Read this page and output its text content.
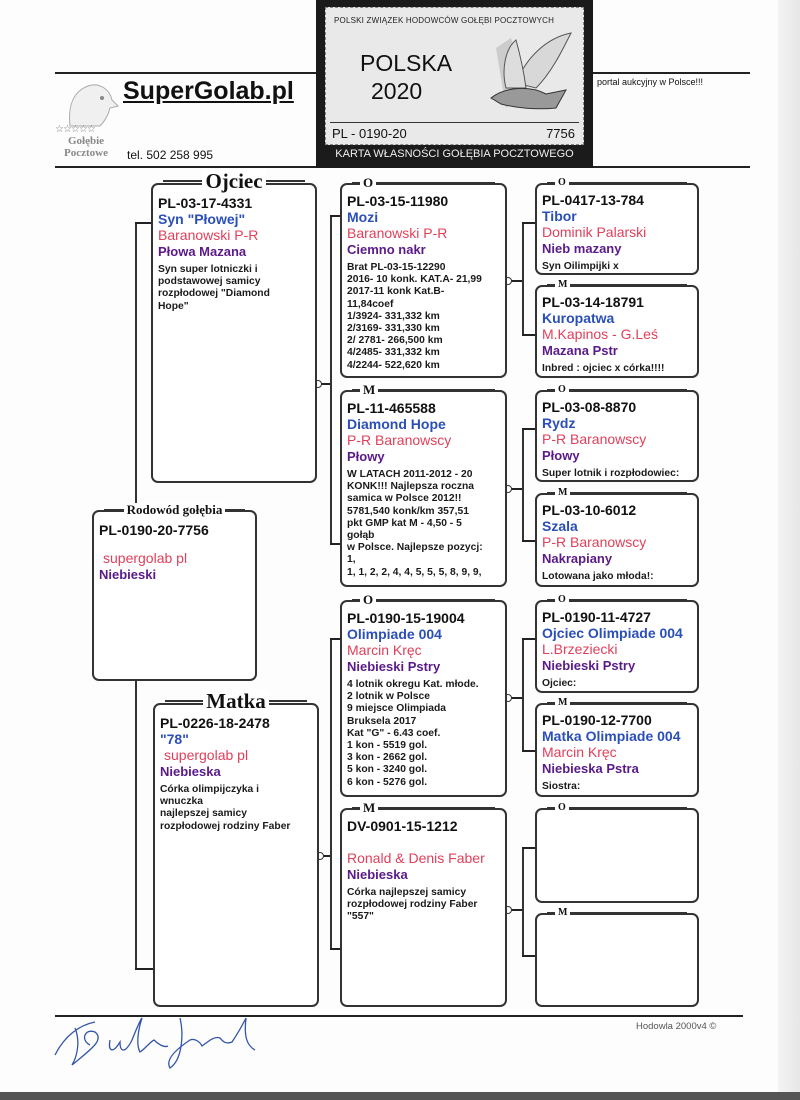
☆☆☆☆☆
Gołębie Pocztowe
SuperGolab.pl
tel. 502 258 995
portal aukcyjny w Polsce!!!
POLSKI ZWIĄZEK HODOWCÓW GOŁĘBI POCZTOWYCH
POLSKA
2020
PL - 0190-20	7756
KARTA WŁASNOŚCI GOŁĘBIA POCZTOWEGO
Rodowód gołębia
PL-0190-20-7756
supergolab pl
Niebieski
Ojciec
PL-03-17-4331
Syn "Płowej"
Baranowski P-R
Płowa Mazana
Syn super lotniczki i
podstawowej samicy
rozpłodowej "Diamond
Hope"
Matka
PL-0226-18-2478
"78"
supergolab pl
Niebieska
Córka olimpijczyka i
wnuczka
najlepszej samicy
rozpłodowej rodziny Faber
O
PL-03-15-11980
Mozi
Baranowski P-R
Ciemno nakr
Brat PL-03-15-12290
2016- 10 konk. KAT.A- 21,99
2017-11 konk Kat.B-
11,84coef
1/3924- 331,332 km
2/3169- 331,330 km
2/ 2781- 266,500 km
4/2485- 331,332 km
4/2244- 522,620 km
M
PL-11-465588
Diamond Hope
P-R Baranowscy
Płowy
W LATACH 2011-2012 - 20
KONK!!! Najlepsza roczna
samica w Polsce 2012!!
5781,540 konk/km 357,51
pkt GMP kat M - 4,50 - 5
gołąb
w Polsce. Najlepsze pozycj:
1,
1, 1, 2, 2, 4, 4, 5, 5, 5, 8, 9, 9,
O
PL-0190-15-19004
Olimpiade 004
Marcin Kręc
Niebieski Pstry
4 lotnik okregu Kat. młode.
2 lotnik w Polsce
9 miejsce Olimpiada
Bruksela 2017
Kat "G" - 6.43 coef.
1 kon - 5519 gol.
3 kon - 2662 gol.
5 kon - 3240 gol.
6 kon - 5276 gol.
M
DV-0901-15-1212
Ronald & Denis Faber
Niebieska
Córka najlepszej samicy
rozpłodowej rodziny Faber
"557"
O
PL-0417-13-784
Tibor
Dominik Palarski
Nieb mazany
Syn Oilimpijki x
M
PL-03-14-18791
Kuropatwa
M.Kapinos - G.Leś
Mazana Pstr
Inbred : ojciec x córka!!!!
O
PL-03-08-8870
Rydz
P-R Baranowscy
Płowy
Super lotnik i rozpłodowiec:
M
PL-03-10-6012
Szala
P-R Baranowscy
Nakrapiany
Lotowana jako młoda!:
O
PL-0190-11-4727
Ojciec Olimpiade 004
L.Brzeziecki
Niebieski Pstry
Ojciec:
M
PL-0190-12-7700
Matka Olimpiade 004
Marcin Kręc
Niebieska Pstra
Siostra:
O
M
Hodowla 2000v4 ©
